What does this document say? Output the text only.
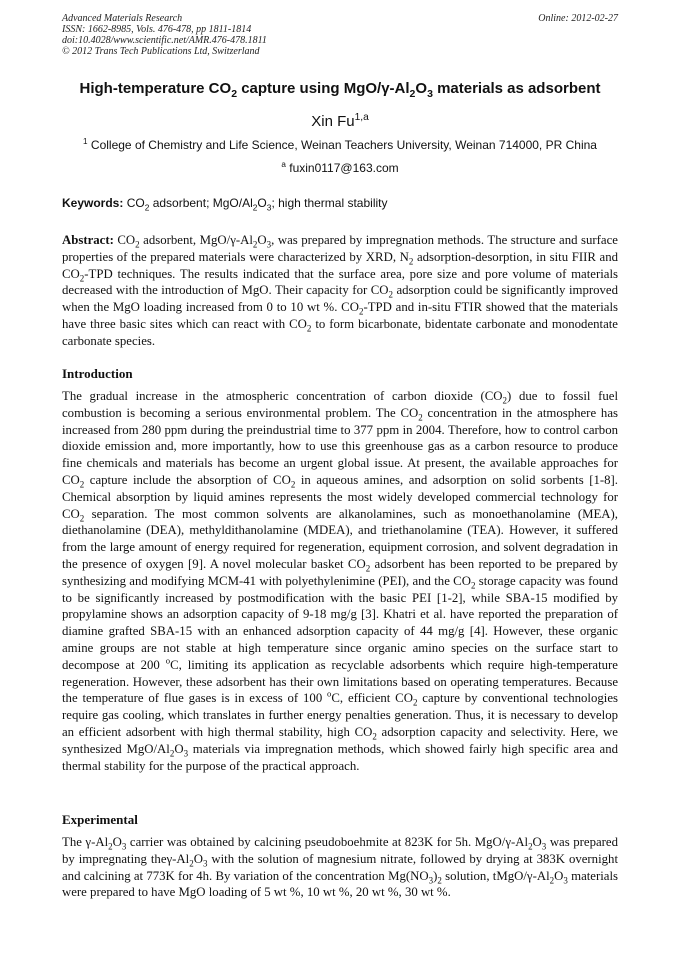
Advanced Materials Research
ISSN: 1662-8985, Vols. 476-478, pp 1811-1814
doi:10.4028/www.scientific.net/AMR.476-478.1811
© 2012 Trans Tech Publications Ltd, Switzerland
Online: 2012-02-27
High-temperature $CO_2$ capture using MgO/$\gamma-Al_2O_3$ materials as adsorbent
Xin Fu$^{1,a}$
$^1$ College of Chemistry and Life Science, Weinan Teachers University, Weinan 714000, PR China
$^a$ fuxin0117@163.com
Keywords: $CO_2$ adsorbent; MgO/$Al_2O_3$; high thermal stability
Abstract: $CO_2$ adsorbent, MgO/$\gamma-Al_2O_3$, was prepared by impregnation methods. The structure and surface properties of the prepared materials were characterized by XRD, $N_2$ adsorption-desorption, in situ FIIR and $CO_2$-TPD techniques. The results indicated that the surface area, pore size and pore volume of materials decreased with the introduction of MgO. Their capacity for $CO_2$ adsorption could be significantly improved when the MgO loading increased from 0 to 10 wt %. $CO_2$-TPD and in-situ FTIR showed that the materials have three basic sites which can react with $CO_2$ to form bicarbonate, bidentate carbonate and monodentate carbonate species.
Introduction
The gradual increase in the atmospheric concentration of carbon dioxide $(CO_2)$ due to fossil fuel combustion is becoming a serious environmental problem. The $CO_2$ concentration in the atmosphere has increased from 280 ppm during the preindustrial time to 377 ppm in 2004. Therefore, how to control carbon dioxide emission and, more importantly, how to use this greenhouse gas as a carbon resource to produce fine chemicals and materials has become an urgent global issue. At present, the available approaches for $CO_2$ capture include the absorption of $CO_2$ in aqueous amines, and adsorption on solid sorbents [1-8]. Chemical absorption by liquid amines represents the most widely developed commercial technology for $CO_2$ separation. The most common solvents are alkanolamines, such as monoethanolamine (MEA), diethanolamine (DEA), methyldithanolamine (MDEA), and triethanolamine (TEA). However, it suffered from the large amount of energy required for regeneration, equipment corrosion, and solvent degradation in the presence of oxygen [9]. A novel molecular basket $CO_2$ adsorbent has been reported to be prepared by synthesizing and modifying MCM-41 with polyethylenimine (PEI), and the $CO_2$ storage capacity was found to be significantly increased by postmodification with the basic PEI [1-2], while SBA-15 modified by propylamine shows an adsorption capacity of 9-18 mg/g [3]. Khatri et al. have reported the preparation of diamine grafted SBA-15 with an enhanced adsorption capacity of 44 mg/g [4]. However, these organic amine groups are not stable at high temperature since organic amino species on the surface start to decompose at 200 $^o$C, limiting its application as recyclable adsorbents which require high-temperature regeneration. However, these adsorbent has their own limitations based on operating temperatures. Because the temperature of flue gases is in excess of 100 $^o$C, efficient $CO_2$ capture by conventional technologies require gas cooling, which translates in further energy penalties generation. Thus, it is necessary to develop an efficient adsorbent with high thermal stability, high $CO_2$ adsorption capacity and selectivity. Here, we synthesized MgO/$Al_2O_3$ materials via impregnation methods, which showed fairly high specific area and thermal stability for the purpose of the practical approach.
Experimental
The $\gamma-Al_2O_3$ carrier was obtained by calcining pseudoboehmite at 823K for 5h. MgO/$\gamma-Al_2O_3$ was prepared by impregnating theγ-$Al_2O_3$ with the solution of magnesium nitrate, followed by drying at 383K overnight and calcining at 773K for 4h. By variation of the concentration $Mg(NO_3)_2$ solution, tMgO/$\gamma-Al_2O_3$ materials were prepared to have MgO loading of 5 wt %, 10 wt %, 20 wt %, 30 wt %.
